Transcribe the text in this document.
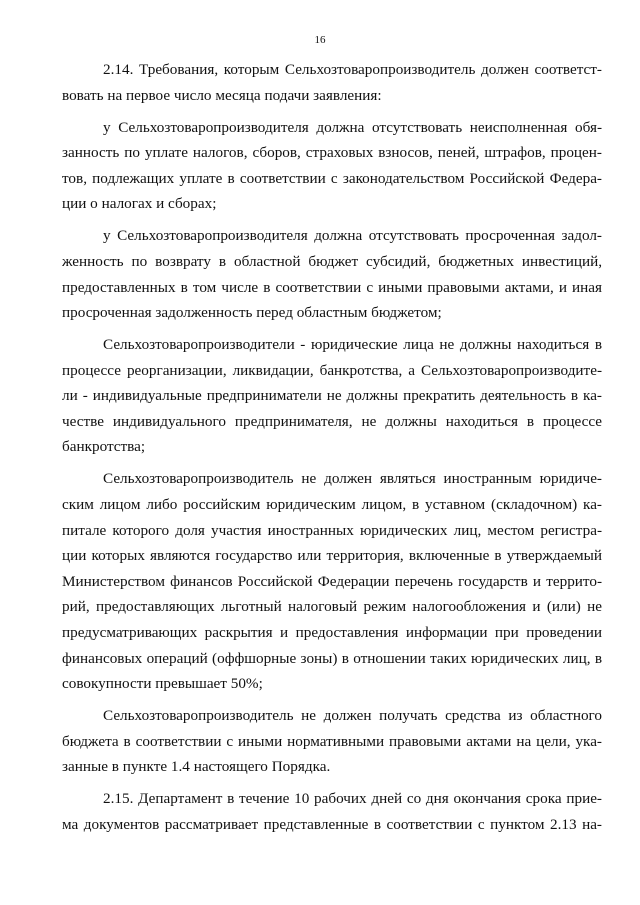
16
2.14. Требования, которым Сельхозтоваропроизводитель должен соответст-
вовать на первое число месяца подачи заявления:
у Сельхозтоваропроизводителя должна отсутствовать неисполненная обя-
занность по уплате налогов, сборов, страховых взносов, пеней, штрафов, процен-
тов, подлежащих уплате в соответствии с законодательством Российской Федера-
ции о налогах и сборах;
у Сельхозтоваропроизводителя должна отсутствовать просроченная задол-
женность по возврату в областной бюджет субсидий, бюджетных инвестиций,
предоставленных в том числе в соответствии с иными правовыми актами, и иная
просроченная задолженность перед областным бюджетом;
Сельхозтоваропроизводители - юридические лица не должны находиться в
процессе реорганизации, ликвидации, банкротства, а Сельхозтоваропроизводите-
ли - индивидуальные предприниматели не должны прекратить деятельность в ка-
честве индивидуального предпринимателя, не должны находиться в процессе
банкротства;
Сельхозтоваропроизводитель не должен являться иностранным юридиче-
ским лицом либо российским юридическим лицом, в уставном (складочном) ка-
питале которого доля участия иностранных юридических лиц, местом регистра-
ции которых являются государство или территория, включенные в утверждаемый
Министерством финансов Российской Федерации перечень государств и террито-
рий, предоставляющих льготный налоговый режим налогообложения и (или) не
предусматривающих раскрытия и предоставления информации при проведении
финансовых операций (оффшорные зоны) в отношении таких юридических лиц, в
совокупности превышает 50%;
Сельхозтоваропроизводитель не должен получать средства из областного
бюджета в соответствии с иными нормативными правовыми актами на цели, ука-
занные в пункте 1.4 настоящего Порядка.
2.15. Департамент в течение 10 рабочих дней со дня окончания срока прие-
ма документов рассматривает представленные в соответствии с пунктом 2.13 на-
